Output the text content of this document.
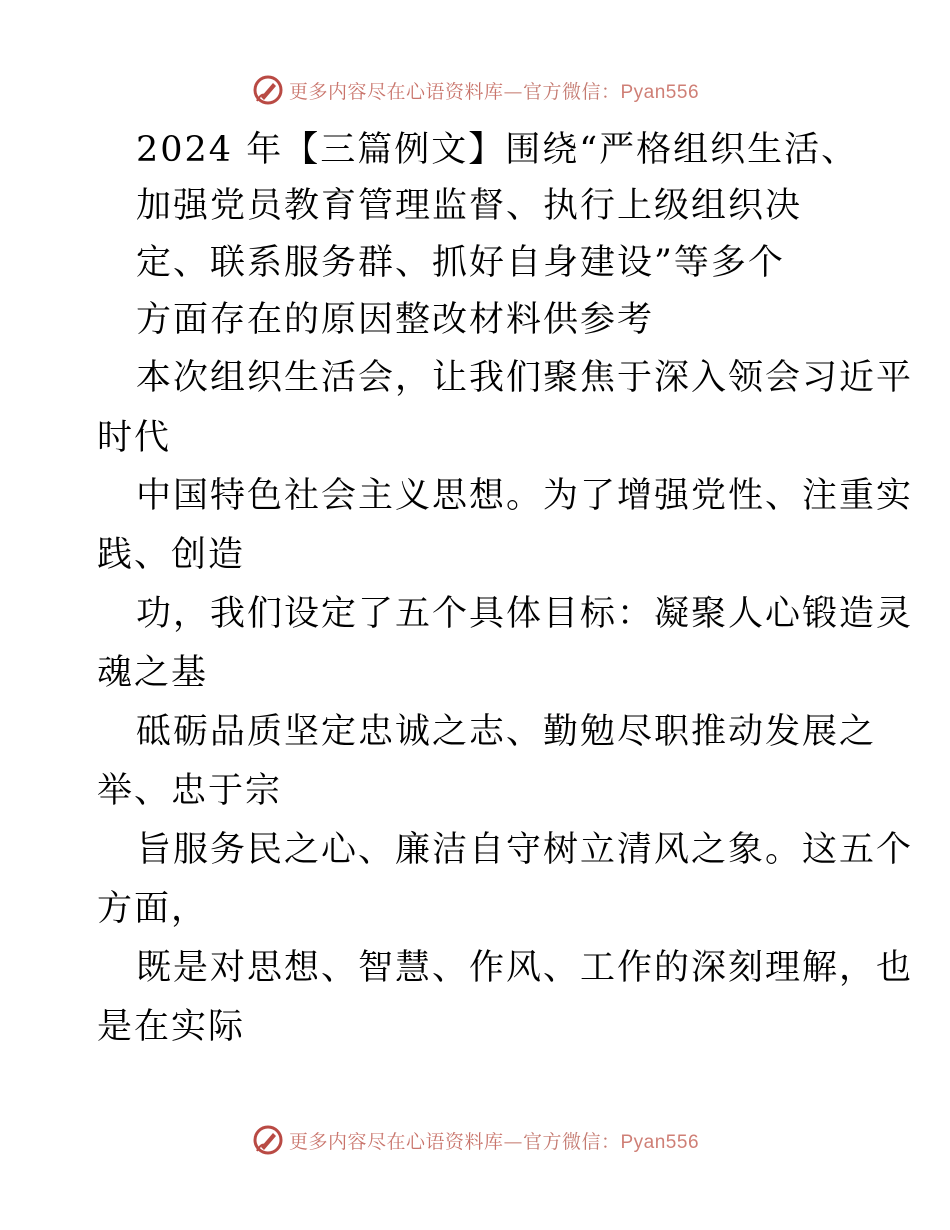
更多内容尽在心语资料库—官方微信：Pyan556
2024 年【三篇例文】围绕“严格组织生活、
加强党员教育管理监督、执行上级组织决
定、联系服务群、抓好自身建设”等多个
方面存在的原因整改材料供参考
本次组织生活会，让我们聚焦于深入领会习近平
时代
中国特色社会主义思想。为了增强党性、注重实
践、创造
功，我们设定了五个具体目标：凝聚人心锻造灵
魂之基
砥砺品质坚定忠诚之志、勤勉尽职推动发展之
举、忠于宗
旨服务民之心、廉洁自守树立清风之象。这五个
方面，
既是对思想、智慧、作风、工作的深刻理解，也
是在实际
更多内容尽在心语资料库—官方微信：Pyan556
